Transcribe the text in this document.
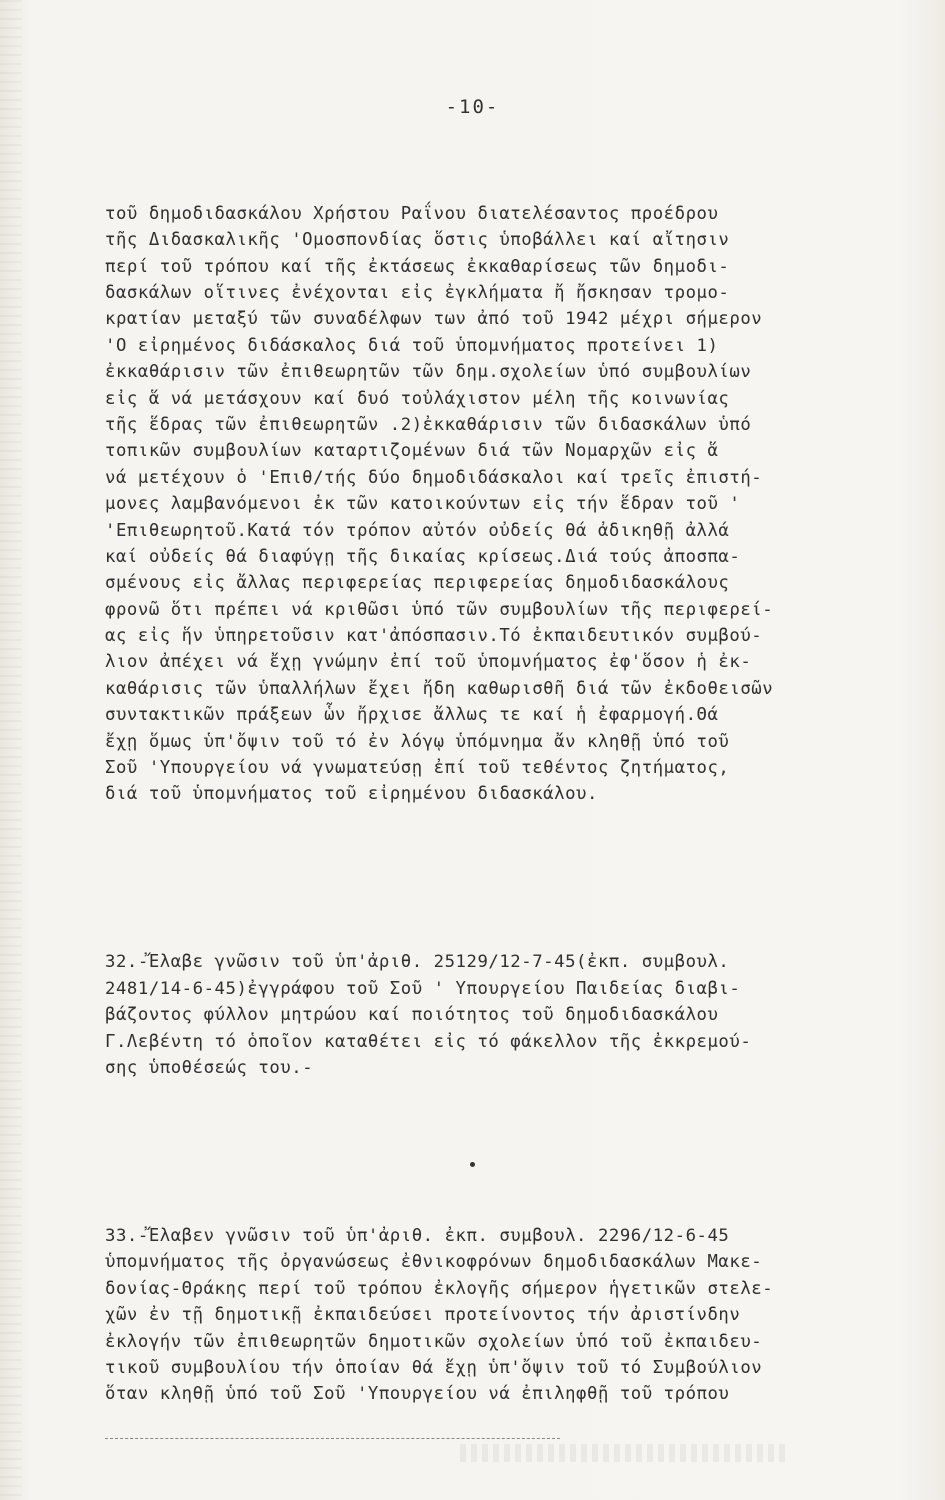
-10-

τοῦ δημοδιδασκάλου Χρήστου Ραΐνου διατελέσαντος προέδρου
τῆς Διδασκαλικῆς 'Ομοσπονδίας ὅστις ὑποβάλλει καί αἴτησιν
περί τοῦ τρόπου καί τῆς ἐκτάσεως ἐκκαθαρίσεως τῶν δημοδι-
δασκάλων οἵτινες ἐνέχονται εἰς ἐγκλήματα ἤ ἤσκησαν τρομο-
κρατίαν μεταξύ τῶν συναδέλφων των ἀπό τοῦ 1942 μέχρι σήμερον
'Ο εἰρημένος διδάσκαλος διά τοῦ ὑπομνήματος προτείνει 1)
ἐκκαθάρισιν τῶν ἐπιθεωρητῶν τῶν δημ.σχολείων ὑπό συμβουλίων
εἰς ἅ νά μετάσχουν καί δυό τοὐλάχιστον μέλη τῆς κοινωνίας
τῆς ἕδρας τῶν ἐπιθεωρητῶν .2)ἐκκαθάρισιν τῶν διδασκάλων ὑπό
τοπικῶν συμβουλίων καταρτιζομένων διά τῶν Νομαρχῶν εἰς ἅ
νά μετέχουν ὁ 'Επιθ/τής δύο δημοδιδάσκαλοι καί τρεῖς ἐπιστή-
μονες λαμβανόμενοι ἐκ τῶν κατοικούντων εἰς τήν ἕδραν τοῦ '
'Επιθεωρητοῦ.Κατά τόν τρόπον αὐτόν οὐδείς θά ἀδικηθῇ ἀλλά
καί οὐδείς θά διαφύγῃ τῆς δικαίας κρίσεως.Διά τούς ἀποσπα-
σμένους εἰς ἄλλας περιφερείας περιφερείας δημοδιδασκάλους
φρονῶ ὅτι πρέπει νά κριθῶσι ὑπό τῶν συμβουλίων τῆς περιφερεί-
ας εἰς ἥν ὑπηρετοῦσιν κατ'ἀπόσπασιν.Τό ἐκπαιδευτικόν συμβού-
λιον ἀπέχει νά ἔχῃ γνώμην ἐπί τοῦ ὑπομνήματος ἐφ'ὅσον ἡ ἐκ-
καθάρισις τῶν ὑπαλλήλων ἔχει ἤδη καθωρισθῆ διά τῶν ἐκδοθεισῶν
συντακτικῶν πράξεων ὧν ἤρχισε ἄλλως τε καί ἡ ἐφαρμογή.Θά
ἔχῃ ὅμως ὑπ'ὄψιν τοῦ τό ἐν λόγῳ ὑπόμνημα ἄν κληθῇ ὑπό τοῦ
Σοῦ 'Υπουργείου νά γνωματεύσῃ ἐπί τοῦ τεθέντος ζητήματος,
διά τοῦ ὑπομνήματος τοῦ εἰρημένου διδασκάλου.

32.-Ἔλαβε γνῶσιν τοῦ ὑπ'ἀριθ. 25129/12-7-45(ἐκπ. συμβουλ.
2481/14-6-45)ἐγγράφου τοῦ Σοῦ ' Υπουργείου Παιδείας διαβι-
βάζοντος φύλλον μητρώου καί ποιότητος τοῦ δημοδιδασκάλου
Γ.Λεβέντη τό ὁποῖον καταθέτει εἰς τό φάκελλον τῆς ἐκκρεμού-
σης ὑποθέσεώς του.-

33.-Ἔλαβεν γνῶσιν τοῦ ὑπ'ἀριθ. ἐκπ. συμβουλ. 2296/12-6-45
ὑπομνήματος τῆς ὀργανώσεως ἐθνικοφρόνων δημοδιδασκάλων Μακε-
δονίας-Θράκης περί τοῦ τρόπου ἐκλογῆς σήμερον ἡγετικῶν στελε-
χῶν ἐν τῇ δημοτικῇ ἐκπαιδεύσει προτείνοντος τήν ἀριστίνδην
ἐκλογήν τῶν ἐπιθεωρητῶν δημοτικῶν σχολείων ὑπό τοῦ ἐκπαιδευ-
τικοῦ συμβουλίου τήν ὁποίαν θά ἔχῃ ὑπ'ὄψιν τοῦ τό Συμβούλιον
ὅταν κληθῇ ὑπό τοῦ Σοῦ 'Υπουργείου νά ἐπιληφθῇ τοῦ τρόπου
